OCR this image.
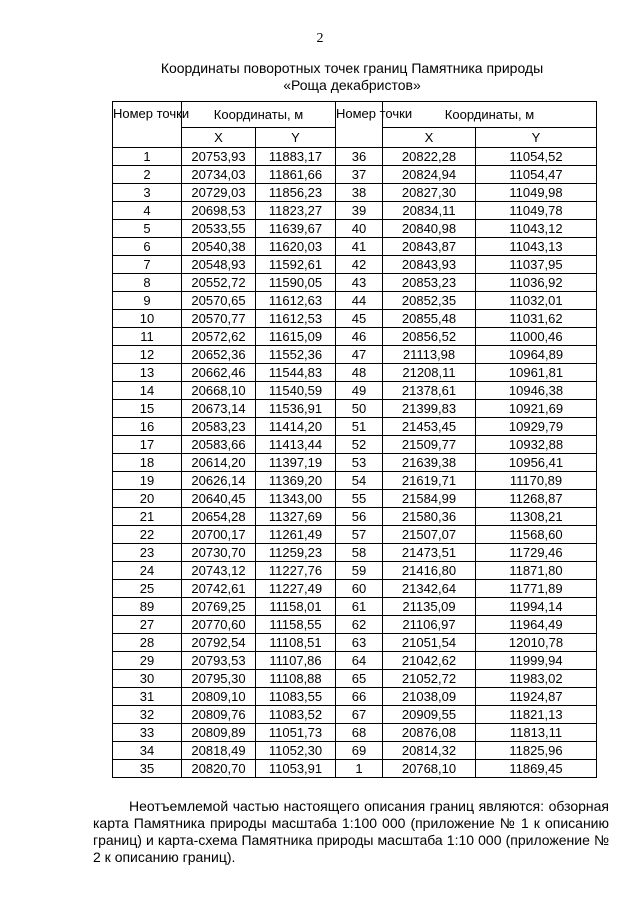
2
Координаты поворотных точек границ Памятника природы
«Роща декабристов»
Номер точки	Координаты, м		Номер точки	Координаты, м	
	X	Y		X	Y
1	20753,93	11883,17	36	20822,28	11054,52
2	20734,03	11861,66	37	20824,94	11054,47
3	20729,03	11856,23	38	20827,30	11049,98
4	20698,53	11823,27	39	20834,11	11049,78
5	20533,55	11639,67	40	20840,98	11043,12
6	20540,38	11620,03	41	20843,87	11043,13
7	20548,93	11592,61	42	20843,93	11037,95
8	20552,72	11590,05	43	20853,23	11036,92
9	20570,65	11612,63	44	20852,35	11032,01
10	20570,77	11612,53	45	20855,48	11031,62
11	20572,62	11615,09	46	20856,52	11000,46
12	20652,36	11552,36	47	21113,98	10964,89
13	20662,46	11544,83	48	21208,11	10961,81
14	20668,10	11540,59	49	21378,61	10946,38
15	20673,14	11536,91	50	21399,83	10921,69
16	20583,23	11414,20	51	21453,45	10929,79
17	20583,66	11413,44	52	21509,77	10932,88
18	20614,20	11397,19	53	21639,38	10956,41
19	20626,14	11369,20	54	21619,71	11170,89
20	20640,45	11343,00	55	21584,99	11268,87
21	20654,28	11327,69	56	21580,36	11308,21
22	20700,17	11261,49	57	21507,07	11568,60
23	20730,70	11259,23	58	21473,51	11729,46
24	20743,12	11227,76	59	21416,80	11871,80
25	20742,61	11227,49	60	21342,64	11771,89
89	20769,25	11158,01	61	21135,09	11994,14
27	20770,60	11158,55	62	21106,97	11964,49
28	20792,54	11108,51	63	21051,54	12010,78
29	20793,53	11107,86	64	21042,62	11999,94
30	20795,30	11108,88	65	21052,72	11983,02
31	20809,10	11083,55	66	21038,09	11924,87
32	20809,76	11083,52	67	20909,55	11821,13
33	20809,89	11051,73	68	20876,08	11813,11
34	20818,49	11052,30	69	20814,32	11825,96
35	20820,70	11053,91	1	20768,10	11869,45
Неотъемлемой частью настоящего описания границ являются: обзорная карта Памятника природы масштаба 1:100 000 (приложение № 1 к описанию границ) и карта-схема Памятника природы масштаба 1:10 000 (приложение № 2 к описанию границ).
